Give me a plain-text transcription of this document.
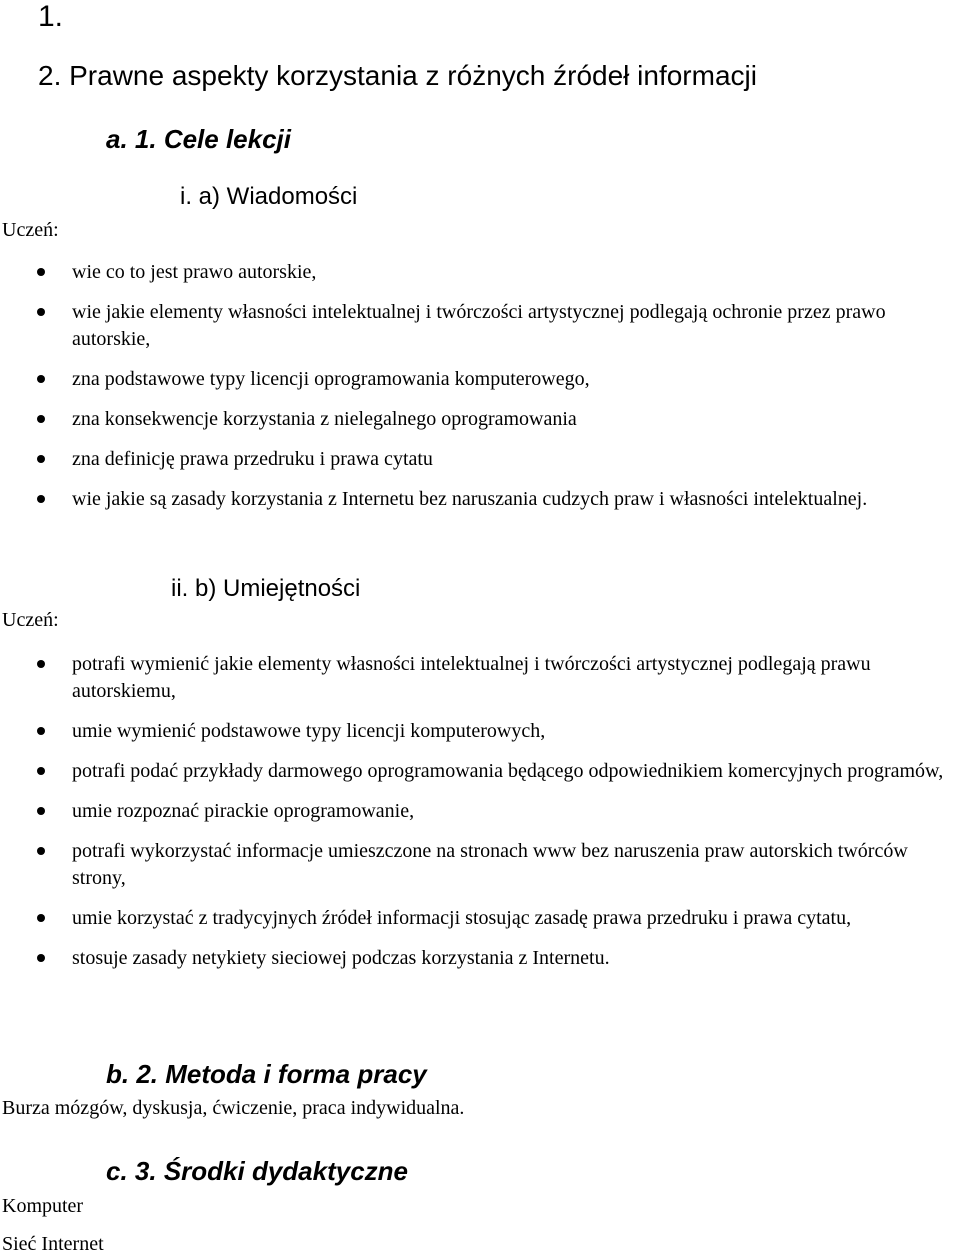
1.

2. Prawne aspekty korzystania z różnych źródeł informacji

a. 1. Cele lekcji

i. a) Wiadomości

Uczeń:

wie co to jest prawo autorskie,
wie jakie elementy własności intelektualnej i twórczości artystycznej podlegają ochronie przez prawo autorskie,
zna podstawowe typy licencji oprogramowania komputerowego,
zna konsekwencje korzystania z nielegalnego oprogramowania
zna definicję prawa przedruku i prawa cytatu
wie jakie są zasady korzystania z Internetu bez naruszania cudzych praw i własności intelektualnej.

ii. b) Umiejętności

Uczeń:

potrafi wymienić jakie elementy własności intelektualnej i twórczości artystycznej podlegają prawu autorskiemu,
umie wymienić podstawowe typy licencji komputerowych,
potrafi podać przykłady darmowego oprogramowania będącego odpowiednikiem komercyjnych programów,
umie rozpoznać pirackie oprogramowanie,
potrafi wykorzystać informacje umieszczone na stronach www bez naruszenia praw autorskich twórców strony,
umie korzystać z tradycyjnych źródeł informacji stosując zasadę prawa przedruku i prawa cytatu,
stosuje zasady netykiety sieciowej podczas korzystania z Internetu.

b. 2. Metoda i forma pracy

Burza mózgów, dyskusja, ćwiczenie, praca indywidualna.

c. 3. Środki dydaktyczne

Komputer

Sieć Internet
